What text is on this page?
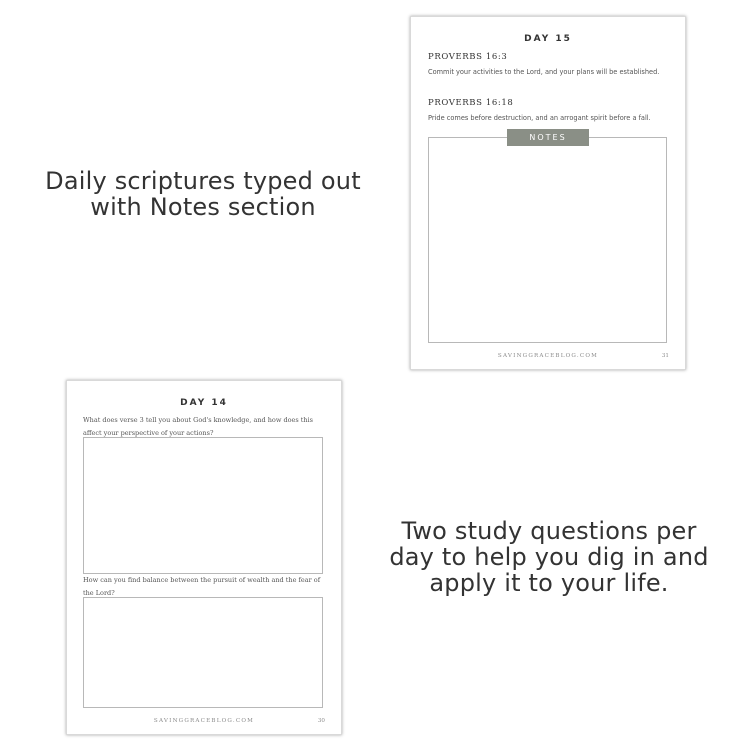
Daily scriptures typed out with Notes section
Two study questions per day to help you dig in and apply it to your life.
DAY 15
PROVERBS 16:3
Commit your activities to the Lord, and your plans will be established.
PROVERBS 16:18
Pride comes before destruction, and an arrogant spirit before a fall.
NOTES
SAVINGGRACEBLOG.COM	31
DAY 14
What does verse 3 tell you about God's knowledge, and how does this affect your perspective of your actions?
How can you find balance between the pursuit of wealth and the fear of the Lord?
SAVINGGRACEBLOG.COM	30
